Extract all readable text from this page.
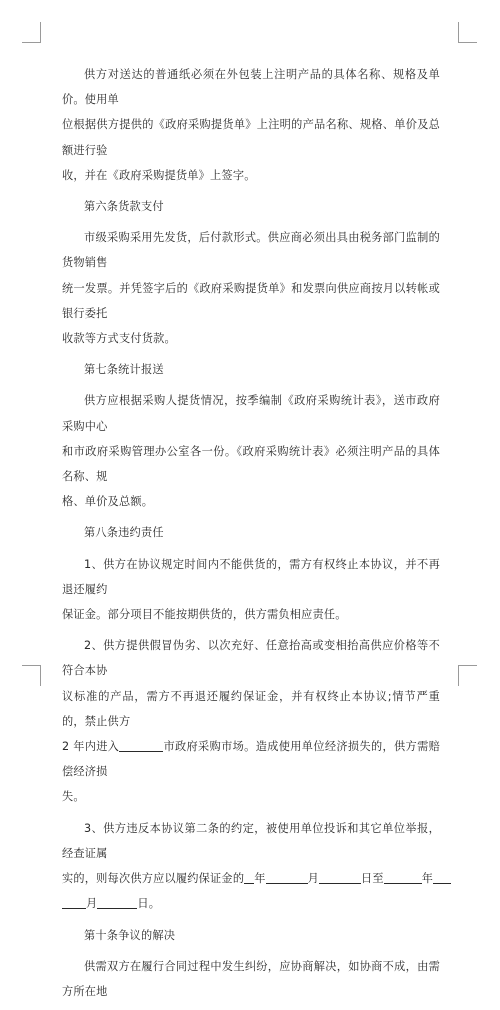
供方对送达的普通纸必须在外包装上注明产品的具体名称、规格及单价。使用单

位根据供方提供的《政府采购提货单》上注明的产品名称、规格、单价及总额进行验

收，并在《政府采购提货单》上签字。

第六条货款支付

市级采购采用先发货，后付款形式。供应商必须出具由税务部门监制的货物销售

统一发票。并凭签字后的《政府采购提货单》和发票向供应商按月以转帐或银行委托

收款等方式支付货款。

第七条统计报送

供方应根据采购人提货情况，按季编制《政府采购统计表》，送市政府采购中心

和市政府采购管理办公室各一份。《政府采购统计表》必须注明产品的具体名称、规

格、单价及总额。

第八条违约责任

1、供方在协议规定时间内不能供货的，需方有权终止本协议，并不再退还履约

保证金。部分项目不能按期供货的，供方需负相应责任。

2、供方提供假冒伪劣、以次充好、任意抬高或变相抬高供应价格等不符合本协

议标准的产品，需方不再退还履约保证金，并有权终止本协议;情节严重的，禁止供方

2 年内进入	市政府采购市场。造成使用单位经济损失的，供方需赔偿经济损

失。

3、供方违反本协议第二条的约定，被使用单位投诉和其它单位举报，经查证属

实的，则每次供方应以履约保证金的 年	月	日至	年

月	日。

第十条争议的解决

供需双方在履行合同过程中发生纠纷，应协商解决，如协商不成，由需方所在地
